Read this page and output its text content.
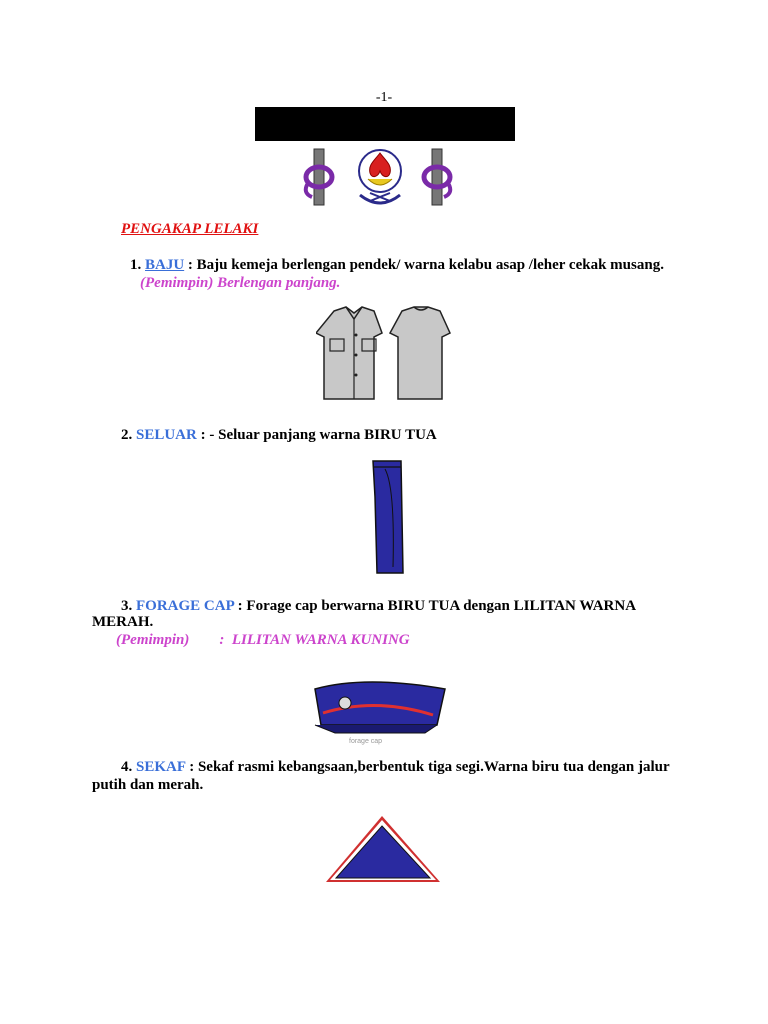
-1-
PENGAKAP LELAKI
1. BAJU : Baju kemeja berlengan pendek/ warna kelabu asap /leher cekak musang.
(Pemimpin) Berlengan panjang.
2. SELUAR : - Seluar panjang warna BIRU TUA
3. FORAGE CAP : Forage cap berwarna BIRU TUA dengan LILITAN WARNA
MERAH.
(Pemimpin)        :  LILITAN WARNA KUNING
forage cap
4. SEKAF : Sekaf rasmi kebangsaan,berbentuk tiga segi.Warna biru tua dengan jalur
putih dan merah.
